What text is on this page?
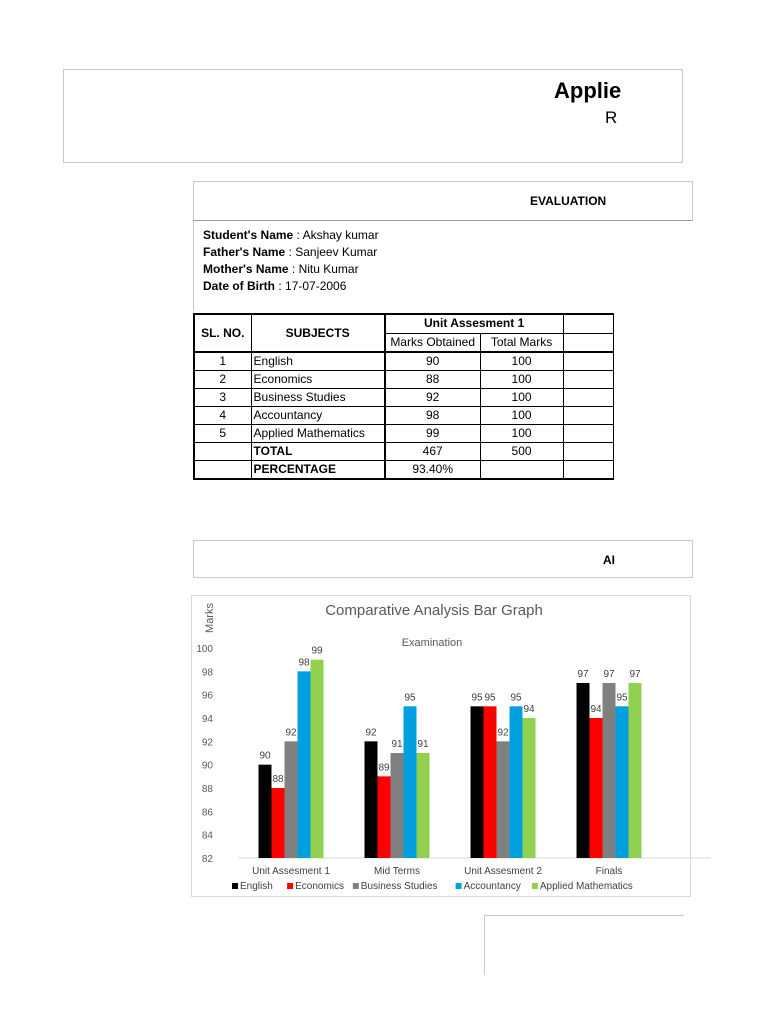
Applie
R
EVALUATION
Student's Name : Akshay kumar
Father's Name : Sanjeev Kumar
Mother's Name : Nitu Kumar
Date of Birth : 17-07-2006
SL. NO.	SUBJECTS	Unit Assesment 1		
		Marks Obtained	Total Marks	
1	English	90	100	
2	Economics	88	100	
3	Business Studies	92	100	
4	Accountancy	98	100	
5	Applied Mathematics	99	100	
	TOTAL	467	500	
	PERCENTAGE	93.40%		
AI
Comparative Analysis Bar Graph
Examination
Marks
82
84
86
88
90
92
94
96
98
100
90
88
92
98
99
Unit Assesment 1
92
89
91
95
91
Mid Terms
95 95
92
95
94
Unit Assesment 2
97
94
97
95
97
Finals
English Economics Business Studies	Accountancy Applied Mathematics
